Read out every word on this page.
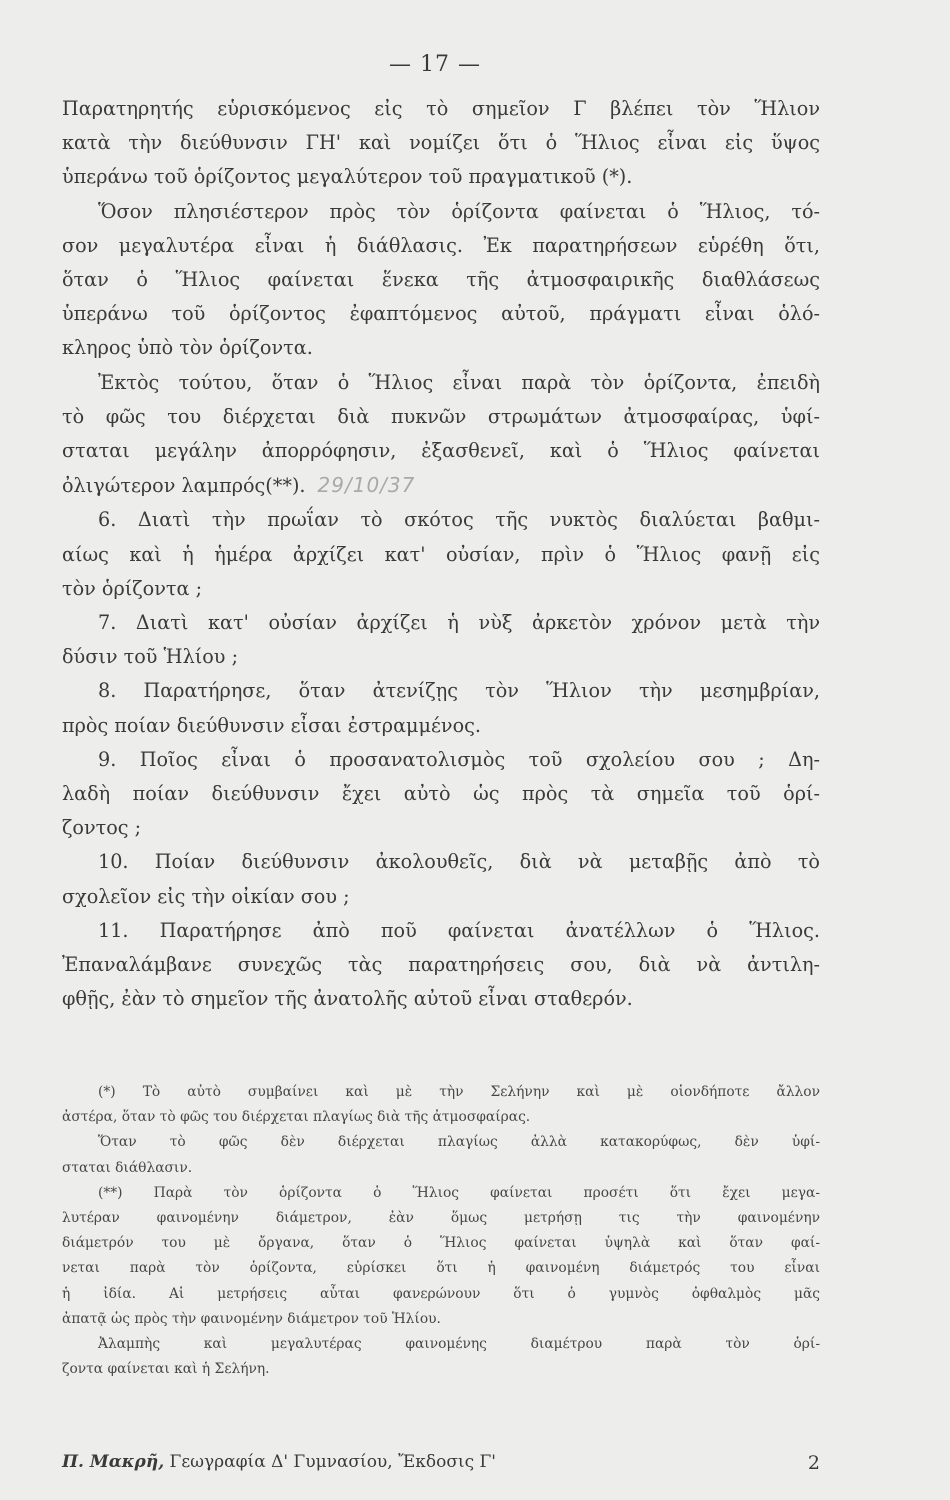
— 17 —
Παρατηρητής εὑρισκόμενος εἰς τὸ σημεῖον Γ βλέπει τὸν Ἥλιον
κατὰ τὴν διεύθυνσιν ΓΗ' καὶ νομίζει ὅτι ὁ Ἥλιος εἶναι εἰς ὕψος
ὑπεράνω τοῦ ὁρίζοντος μεγαλύτερον τοῦ πραγματικοῦ (*).
Ὅσον πλησιέστερον πρὸς τὸν ὁρίζοντα φαίνεται ὁ Ἥλιος, τό-
σον μεγαλυτέρα εἶναι ἡ διάθλασις. Ἐκ παρατηρήσεων εὑρέθη ὅτι,
ὅταν ὁ Ἥλιος φαίνεται ἕνεκα τῆς ἀτμοσφαιρικῆς διαθλάσεως
ὑπεράνω τοῦ ὁρίζοντος ἐφαπτόμενος αὐτοῦ, πράγματι εἶναι ὁλό-
κληρος ὑπὸ τὸν ὁρίζοντα.
Ἐκτὸς τούτου, ὅταν ὁ Ἥλιος εἶναι παρὰ τὸν ὁρίζοντα, ἐπειδὴ
τὸ φῶς του διέρχεται διὰ πυκνῶν στρωμάτων ἀτμοσφαίρας, ὑφί-
σταται μεγάλην ἀπορρόφησιν, ἐξασθενεῖ, καὶ ὁ Ἥλιος φαίνεται
ὀλιγώτερον λαμπρός(**). 29/10/37
6. Διατὶ τὴν πρωΐαν τὸ σκότος τῆς νυκτὸς διαλύεται βαθμι-
αίως καὶ ἡ ἡμέρα ἀρχίζει κατ' οὐσίαν, πρὶν ὁ Ἥλιος φανῇ εἰς
τὸν ὁρίζοντα ;
7. Διατὶ κατ' οὐσίαν ἀρχίζει ἡ νὺξ ἀρκετὸν χρόνον μετὰ τὴν
δύσιν τοῦ Ἡλίου ;
8. Παρατήρησε, ὅταν ἀτενίζῃς τὸν Ἥλιον τὴν μεσημβρίαν,
πρὸς ποίαν διεύθυνσιν εἶσαι ἐστραμμένος.
9. Ποῖος εἶναι ὁ προσανατολισμὸς τοῦ σχολείου σου ; Δη-
λαδὴ ποίαν διεύθυνσιν ἔχει αὐτὸ ὡς πρὸς τὰ σημεῖα τοῦ ὁρί-
ζοντος ;
10. Ποίαν διεύθυνσιν ἀκολουθεῖς, διὰ νὰ μεταβῇς ἀπὸ τὸ
σχολεῖον εἰς τὴν οἰκίαν σου ;
11. Παρατήρησε ἀπὸ ποῦ φαίνεται ἀνατέλλων ὁ Ἥλιος.
Ἐπαναλάμβανε συνεχῶς τὰς παρατηρήσεις σου, διὰ νὰ ἀντιλη-
φθῇς, ἐὰν τὸ σημεῖον τῆς ἀνατολῆς αὐτοῦ εἶναι σταθερόν.
(*) Τὸ αὐτὸ συμβαίνει καὶ μὲ τὴν Σελήνην καὶ μὲ οἱονδήποτε ἄλλον
ἀστέρα, ὅταν τὸ φῶς του διέρχεται πλαγίως διὰ τῆς ἀτμοσφαίρας.
Ὅταν τὸ φῶς δὲν διέρχεται πλαγίως ἀλλὰ κατακορύφως, δὲν ὑφί-
σταται διάθλασιν.
(**) Παρὰ τὸν ὁρίζοντα ὁ Ἥλιος φαίνεται προσέτι ὅτι ἔχει μεγα-
λυτέραν φαινομένην διάμετρον, ἐὰν ὅμως μετρήσῃ τις τὴν φαινομένην
διάμετρόν του μὲ ὄργανα, ὅταν ὁ Ἥλιος φαίνεται ὑψηλὰ καὶ ὅταν φαί-
νεται παρὰ τὸν ὁρίζοντα, εὑρίσκει ὅτι ἡ φαινομένη διάμετρός του εἶναι
ἡ ἰδία. Αἱ μετρήσεις αὗται φανερώνουν ὅτι ὁ γυμνὸς ὀφθαλμὸς μᾶς
ἀπατᾷ ὡς πρὸς τὴν φαινομένην διάμετρον τοῦ Ἡλίου.
Ἀλαμπὴς καὶ μεγαλυτέρας φαινομένης διαμέτρου παρὰ τὸν ὁρί-
ζοντα φαίνεται καὶ ἡ Σελήνη.
Π. Μακρῆ, Γεωγραφία Δ' Γυμνασίου, Ἔκδοσις Γ'	2
